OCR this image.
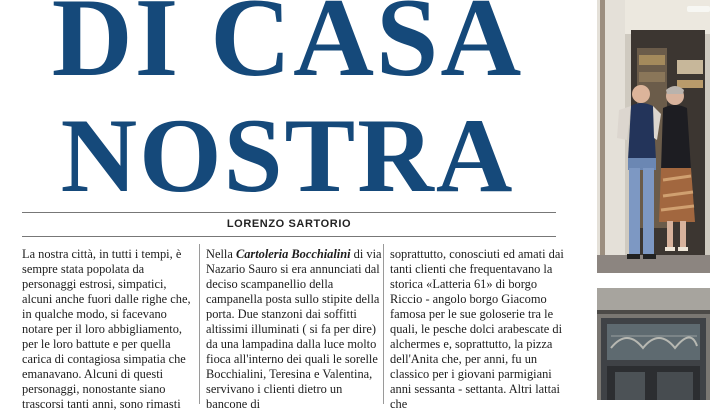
DI CASA
NOSTRA
LORENZO SARTORIO
La nostra città, in tutti i tempi, è sempre stata popolata da personaggi estrosi, simpatici, alcuni anche fuori dalle righe che, in qualche modo, si facevano notare per il loro abbigliamento, per le loro battute e per quella carica di contagiosa simpatia che emanavano. Alcuni di questi personaggi, nonostante siano trascorsi tanti anni, sono rimasti
Nella Cartoleria Bocchialini di via Nazario Sauro si era annunciati dal deciso scampanellio della campanella posta sullo stipite della porta. Due stanzoni dai soffitti altissimi illuminati ( si fa per dire) da una lampadina dalla luce molto fioca all'interno dei quali le sorelle Bocchialini, Teresina e Valentina, servivano i clienti dietro un bancone di
soprattutto, conosciuti ed amati dai tanti clienti che frequentavano la storica «Latteria 61» di borgo Riccio - angolo borgo Giacomo famosa per le sue goloserie tra le quali, le pesche dolci arabescate di alchermes e, soprattutto, la pizza dell'Anita che, per anni, fu un classico per i giovani parmigiani anni sessanta - settanta. Altri lattai che
